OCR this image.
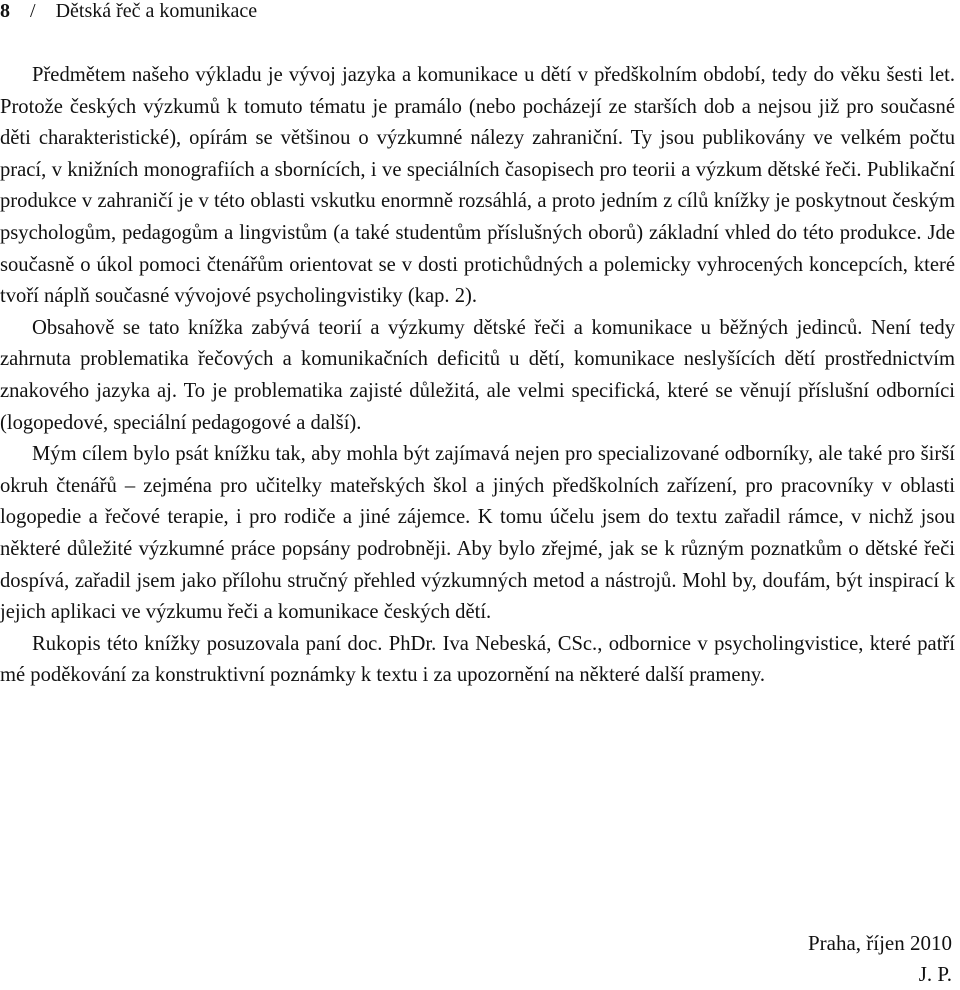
8 / Dětská řeč a komunikace

Předmětem našeho výkladu je vývoj jazyka a komunikace u dětí v předškolním období, tedy do věku šesti let. Protože českých výzkumů k tomuto tématu je pramálo (nebo pocházejí ze starších dob a nejsou již pro současné děti charakteristické), opírám se většinou o výzkumné nálezy zahraniční. Ty jsou publikovány ve velkém počtu prací, v knižních monografiích a sbornících, i ve speciálních časopisech pro teorii a výzkum dětské řeči. Publikační produkce v zahraničí je v této oblasti vskutku enormně rozsáhlá, a proto jedním z cílů knížky je poskytnout českým psychologům, pedagogům a lingvistům (a také studentům příslušných oborů) základní vhled do této produkce. Jde současně o úkol pomoci čtenářům orientovat se v dosti protichůdných a polemicky vyhrocených koncepcích, které tvoří náplň současné vývojové psycholingvistiky (kap. 2).

Obsahově se tato knížka zabývá teorií a výzkumy dětské řeči a komunikace u běžných jedinců. Není tedy zahrnuta problematika řečových a komunikačních deficitů u dětí, komunikace neslyšících dětí prostřednictvím znakového jazyka aj. To je problematika zajisté důležitá, ale velmi specifická, které se věnují příslušní odborníci (logopedové, speciální pedagogové a další).

Mým cílem bylo psát knížku tak, aby mohla být zajímavá nejen pro specializované odborníky, ale také pro širší okruh čtenářů – zejména pro učitelky mateřských škol a jiných předškolních zařízení, pro pracovníky v oblasti logopedie a řečové terapie, i pro rodiče a jiné zájemce. K tomu účelu jsem do textu zařadil rámce, v nichž jsou některé důležité výzkumné práce popsány podrobněji. Aby bylo zřejmé, jak se k různým poznatkům o dětské řeči dospívá, zařadil jsem jako přílohu stručný přehled výzkumných metod a nástrojů. Mohl by, doufám, být inspirací k jejich aplikaci ve výzkumu řeči a komunikace českých dětí.

Rukopis této knížky posuzovala paní doc. PhDr. Iva Nebeská, CSc., odbornice v psycholingvistice, které patří mé poděkování za konstruktivní poznámky k textu i za upozornění na některé další prameny.

Praha, říjen 2010
J. P.
